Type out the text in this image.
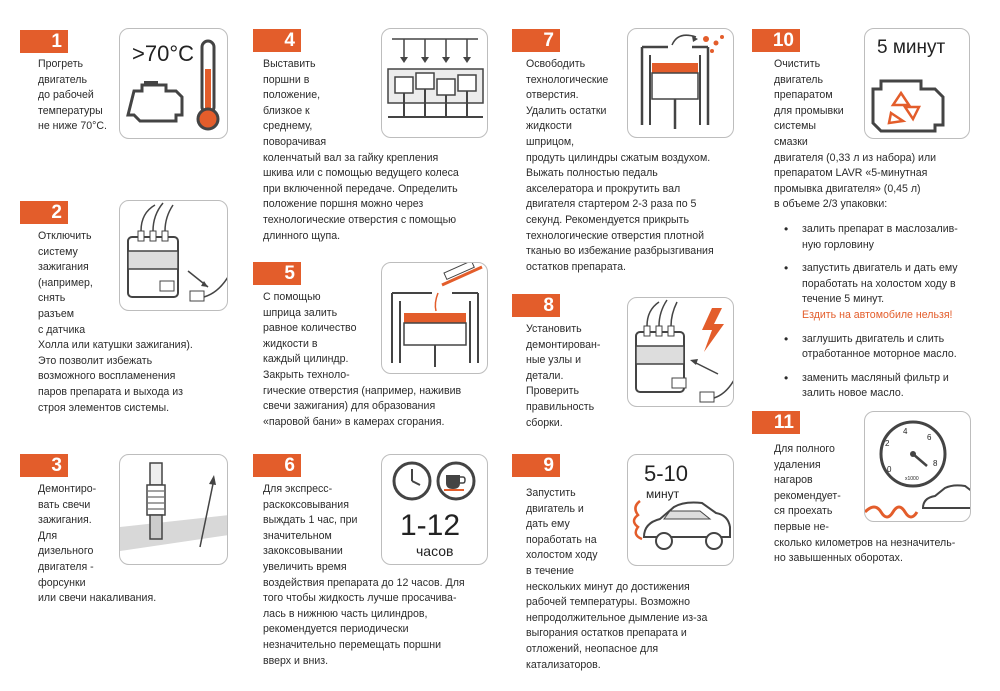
1

Прогреть

двигатель

до рабочей

температуры

не ниже 70°C.

>70°C
2

Отключить

систему

зажигания

(например,

снять

разъем

с датчика

Холла или катушки зажигания).

Это позволит избежать

возможного воспламенения

паров препарата и выхода из

строя элементов системы.

3

Демонтиро-

вать свечи

зажигания.

Для

дизельного

двигателя -

форсунки

или свечи накаливания.

4

Выставить

поршни в

положение,

близкое к

среднему,

поворачивая

коленчатый вал за гайку крепления

шкива или с помощью ведущего колеса

при включенной передаче. Определить

положение поршня можно через

технологические отверстия с помощью

длинного щупа.

5

С помощью

шприца залить

равное количество

жидкости в

каждый цилиндр.

Закрыть техноло-

гические отверстия (например, наживив

свечи зажигания) для образования

«паровой бани» в камерах сгорания.

6

Для экспресс-

раскоксовывания

выждать 1 час, при

значительном

закоксовывании

увеличить время

воздействия препарата до 12 часов. Для

того чтобы жидкость лучше просачива-

лась в нижнюю часть цилиндров,

рекомендуется периодически

незначительно перемещать поршни

вверх и вниз.

1-12
часов
7

Освободить

технологические

отверстия.

Удалить остатки

жидкости

шприцом,

продуть цилиндры сжатым воздухом.

Выжать полностью педаль

акселератора и прокрутить вал

двигателя стартером 2-3 раза по 5

секунд. Рекомендуется прикрыть

технологические отверстия плотной

тканью во избежание разбрызгивания

остатков препарата.

8

Установить

демонтирован-

ные узлы и

детали.

Проверить

правильность

сборки.

9

Запустить

двигатель и

дать ему

поработать на

холостом ходу

в течение

нескольких минут до достижения

рабочей температуры. Возможно

непродолжительное дымление из-за

выгорания остатков препарата и

отложений, неопасное для

катализаторов.

5-10
минут
10

Очистить

двигатель

препаратом

для промывки

системы

смазки

двигателя (0,33 л из набора) или

препаратом LAVR «5-минутная

промывка двигателя» (0,45 л)

в объеме 2/3 упаковки:

5 минут
• залить препарат в маслозалив-
ную горловину
• запустить двигатель и дать ему
поработать на холостом ходу в
течение 5 минут.
Ездить на автомобиле нельзя!
• заглушить двигатель и слить
отработанное моторное масло.
• заменить масляный фильтр и
залить новое масло.
11

Для полного

удаления

нагаров

рекомендует-

ся проехать

первые не-

сколько километров на незначитель-

но завышенных оборотах.

0
2
4
6
8
x1000
